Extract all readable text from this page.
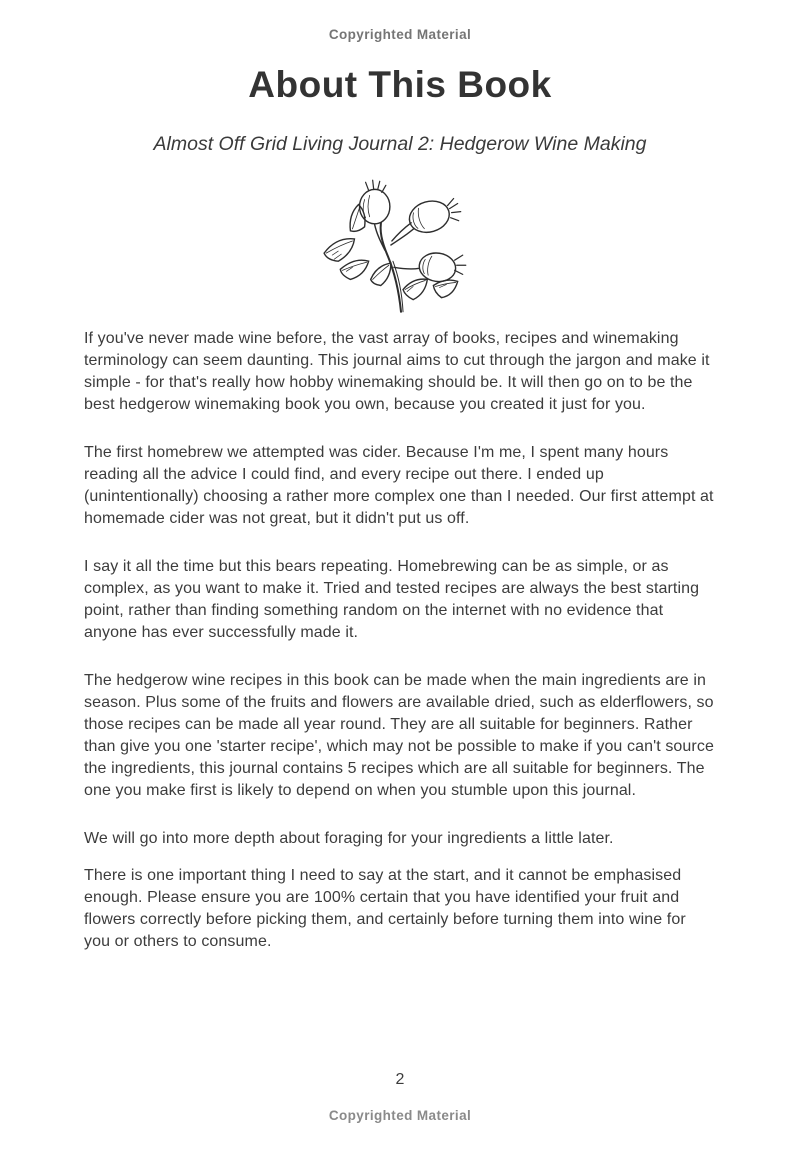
Copyrighted Material
About This Book
Almost Off Grid Living Journal 2: Hedgerow Wine Making

If you've never made wine before, the vast array of books, recipes and winemaking terminology can seem daunting. This journal aims to cut through the jargon and make it simple - for that's really how hobby winemaking should be. It will then go on to be the best hedgerow winemaking book you own, because you created it just for you.

The first homebrew we attempted was cider. Because I'm me, I spent many hours reading all the advice I could find, and every recipe out there. I ended up (unintentionally) choosing a rather more complex one than I needed. Our first attempt at homemade cider was not great, but it didn't put us off.

I say it all the time but this bears repeating. Homebrewing can be as simple, or as complex, as you want to make it. Tried and tested recipes are always the best starting point, rather than finding something random on the internet with no evidence that anyone has ever successfully made it.

The hedgerow wine recipes in this book can be made when the main ingredients are in season. Plus some of the fruits and flowers are available dried, such as elderflowers, so those recipes can be made all year round. They are all suitable for beginners. Rather than give you one 'starter recipe', which may not be possible to make if you can't source the ingredients, this journal contains 5 recipes which are all suitable for beginners. The one you make first is likely to depend on when you stumble upon this journal.

We will go into more depth about foraging for your ingredients a little later.

There is one important thing I need to say at the start, and it cannot be emphasised enough. Please ensure you are 100% certain that you have identified your fruit and flowers correctly before picking them, and certainly before turning them into wine for you or others to consume.

2
Copyrighted Material
